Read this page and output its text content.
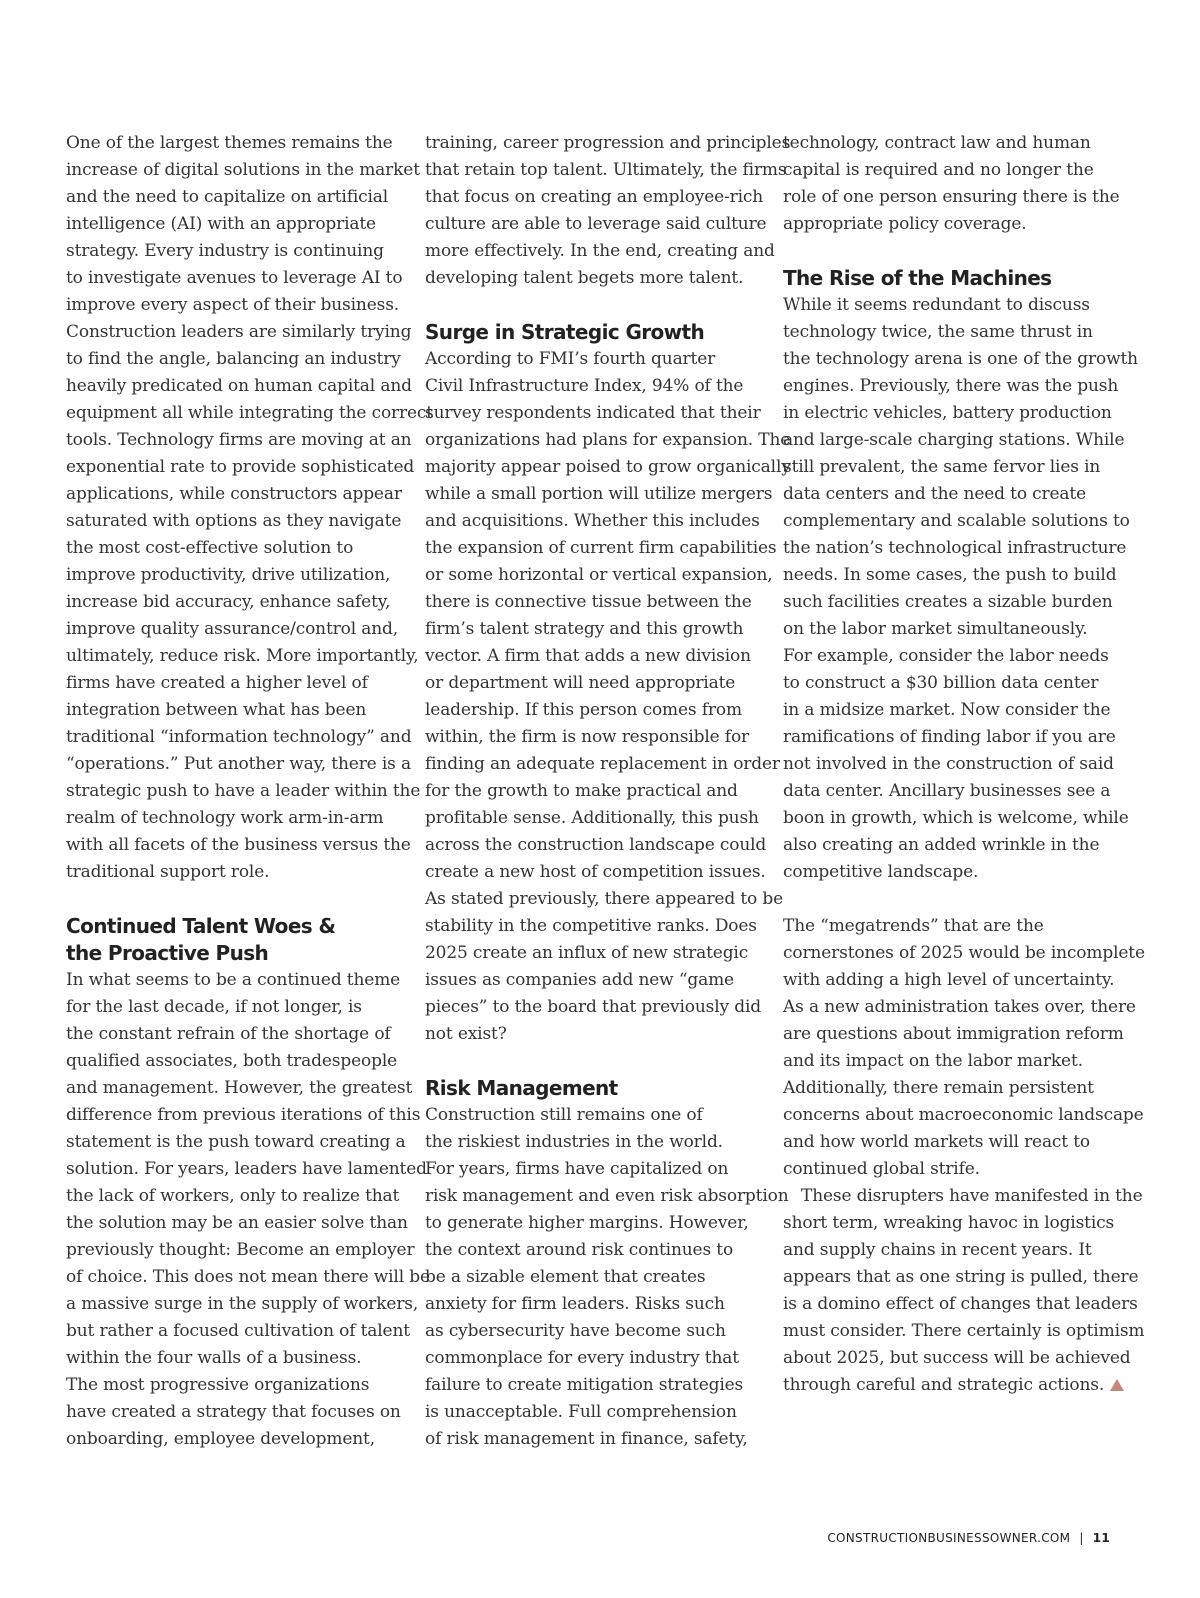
One of the largest themes remains the
increase of digital solutions in the market
and the need to capitalize on artificial
intelligence (AI) with an appropriate
strategy. Every industry is continuing
to investigate avenues to leverage AI to
improve every aspect of their business.
Construction leaders are similarly trying
to find the angle, balancing an industry
heavily predicated on human capital and
equipment all while integrating the correct
tools. Technology firms are moving at an
exponential rate to provide sophisticated
applications, while constructors appear
saturated with options as they navigate
the most cost-effective solution to
improve productivity, drive utilization,
increase bid accuracy, enhance safety,
improve quality assurance/control and,
ultimately, reduce risk. More importantly,
firms have created a higher level of
integration between what has been
traditional “information technology” and
“operations.” Put another way, there is a
strategic push to have a leader within the
realm of technology work arm-in-arm
with all facets of the business versus the
traditional support role.
Continued Talent Woes &
the Proactive Push
In what seems to be a continued theme
for the last decade, if not longer, is
the constant refrain of the shortage of
qualified associates, both tradespeople
and management. However, the greatest
difference from previous iterations of this
statement is the push toward creating a
solution. For years, leaders have lamented
the lack of workers, only to realize that
the solution may be an easier solve than
previously thought: Become an employer
of choice. This does not mean there will be
a massive surge in the supply of workers,
but rather a focused cultivation of talent
within the four walls of a business.
The most progressive organizations
have created a strategy that focuses on
onboarding, employee development,
training, career progression and principles
that retain top talent. Ultimately, the firms
that focus on creating an employee-rich
culture are able to leverage said culture
more effectively. In the end, creating and
developing talent begets more talent.
Surge in Strategic Growth
According to FMI’s fourth quarter
Civil Infrastructure Index, 94% of the
survey respondents indicated that their
organizations had plans for expansion. The
majority appear poised to grow organically
while a small portion will utilize mergers
and acquisitions. Whether this includes
the expansion of current firm capabilities
or some horizontal or vertical expansion,
there is connective tissue between the
firm’s talent strategy and this growth
vector. A firm that adds a new division
or department will need appropriate
leadership. If this person comes from
within, the firm is now responsible for
finding an adequate replacement in order
for the growth to make practical and
profitable sense. Additionally, this push
across the construction landscape could
create a new host of competition issues.
As stated previously, there appeared to be
stability in the competitive ranks. Does
2025 create an influx of new strategic
issues as companies add new “game
pieces” to the board that previously did
not exist?
Risk Management
Construction still remains one of
the riskiest industries in the world.
For years, firms have capitalized on
risk management and even risk absorption
to generate higher margins. However,
the context around risk continues to
be a sizable element that creates
anxiety for firm leaders. Risks such
as cybersecurity have become such
commonplace for every industry that
failure to create mitigation strategies
is unacceptable. Full comprehension
of risk management in finance, safety,
technology, contract law and human
capital is required and no longer the
role of one person ensuring there is the
appropriate policy coverage.
The Rise of the Machines
While it seems redundant to discuss
technology twice, the same thrust in
the technology arena is one of the growth
engines. Previously, there was the push
in electric vehicles, battery production
and large-scale charging stations. While
still prevalent, the same fervor lies in
data centers and the need to create
complementary and scalable solutions to
the nation’s technological infrastructure
needs. In some cases, the push to build
such facilities creates a sizable burden
on the labor market simultaneously.
For example, consider the labor needs
to construct a $30 billion data center
in a midsize market. Now consider the
ramifications of finding labor if you are
not involved in the construction of said
data center. Ancillary businesses see a
boon in growth, which is welcome, while
also creating an added wrinkle in the
competitive landscape.
The “megatrends” that are the
cornerstones of 2025 would be incomplete
with adding a high level of uncertainty.
As a new administration takes over, there
are questions about immigration reform
and its impact on the labor market.
Additionally, there remain persistent
concerns about macroeconomic landscape
and how world markets will react to
continued global strife.
These disrupters have manifested in the
short term, wreaking havoc in logistics
and supply chains in recent years. It
appears that as one string is pulled, there
is a domino effect of changes that leaders
must consider. There certainly is optimism
about 2025, but success will be achieved
through careful and strategic actions.
CONSTRUCTIONBUSINESSOWNER.COM | 11
